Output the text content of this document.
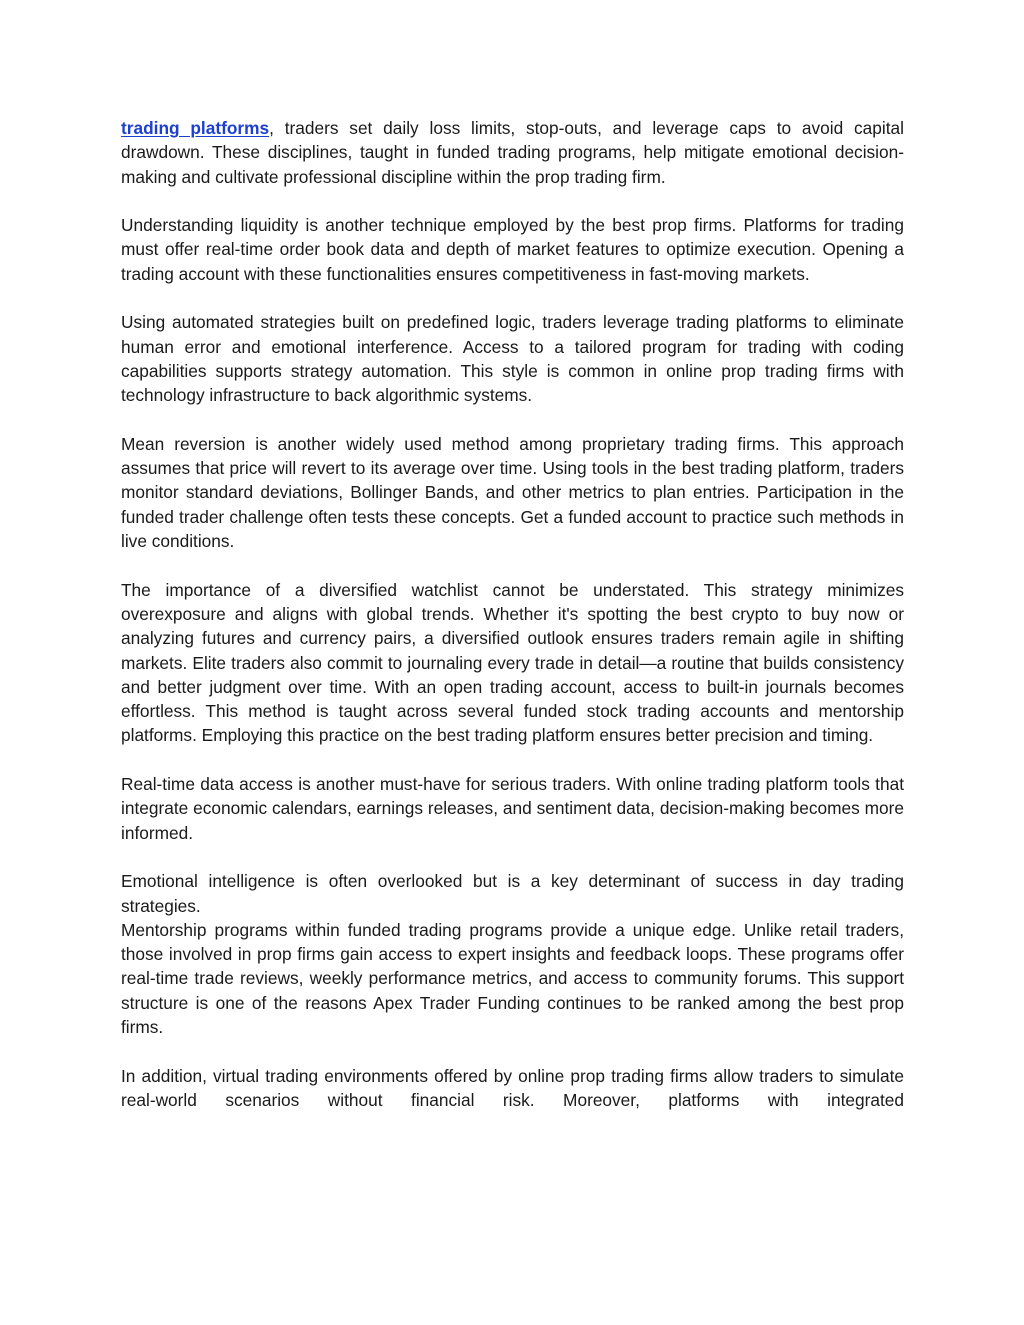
trading platforms, traders set daily loss limits, stop-outs, and leverage caps to avoid capital drawdown. These disciplines, taught in funded trading programs, help mitigate emotional decision-making and cultivate professional discipline within the prop trading firm.

Understanding liquidity is another technique employed by the best prop firms. Platforms for trading must offer real-time order book data and depth of market features to optimize execution. Opening a trading account with these functionalities ensures competitiveness in fast-moving markets.

Using automated strategies built on predefined logic, traders leverage trading platforms to eliminate human error and emotional interference. Access to a tailored program for trading with coding capabilities supports strategy automation. This style is common in online prop trading firms with technology infrastructure to back algorithmic systems.

Mean reversion is another widely used method among proprietary trading firms. This approach assumes that price will revert to its average over time. Using tools in the best trading platform, traders monitor standard deviations, Bollinger Bands, and other metrics to plan entries. Participation in the funded trader challenge often tests these concepts. Get a funded account to practice such methods in live conditions.

The importance of a diversified watchlist cannot be understated. This strategy minimizes overexposure and aligns with global trends. Whether it's spotting the best crypto to buy now or analyzing futures and currency pairs, a diversified outlook ensures traders remain agile in shifting markets. Elite traders also commit to journaling every trade in detail—a routine that builds consistency and better judgment over time. With an open trading account, access to built-in journals becomes effortless. This method is taught across several funded stock trading accounts and mentorship platforms. Employing this practice on the best trading platform ensures better precision and timing.

Real-time data access is another must-have for serious traders. With online trading platform tools that integrate economic calendars, earnings releases, and sentiment data, decision-making becomes more informed.

Emotional intelligence is often overlooked but is a key determinant of success in day trading strategies.

Mentorship programs within funded trading programs provide a unique edge. Unlike retail traders, those involved in prop firms gain access to expert insights and feedback loops. These programs offer real-time trade reviews, weekly performance metrics, and access to community forums. This support structure is one of the reasons Apex Trader Funding continues to be ranked among the best prop firms.

In addition, virtual trading environments offered by online prop trading firms allow traders to simulate real-world scenarios without financial risk. Moreover, platforms with integrated
